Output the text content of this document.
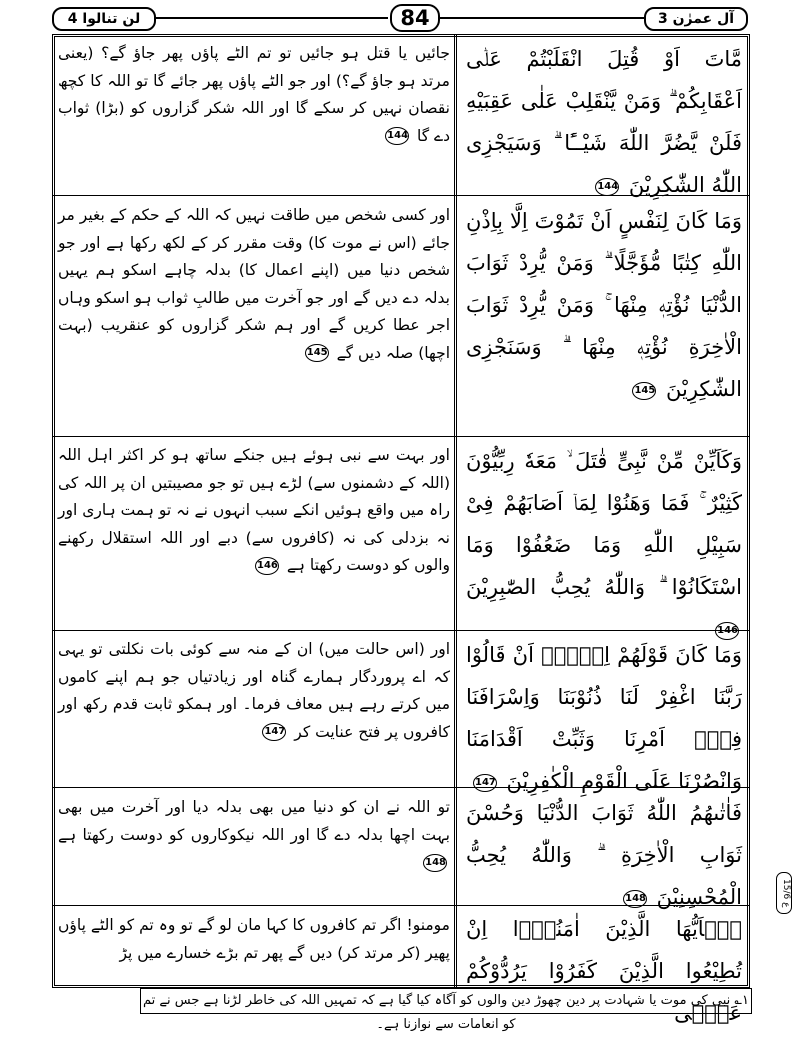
لن تنالوا 4	84	آل عمرٰن 3
جائیں یا قتل ہو جائیں تو تم الٹے پاؤں پھر جاؤ گے؟ (یعنی مرتد ہو جاؤ گے؟) اور جو الٹے پاؤں پھر جائے گا تو اللہ کا کچھ نقصان نہیں کر سکے گا اور اللہ شکر گزاروں کو (بڑا) ثواب دے گا 144
مَّاتَ اَوْ قُتِلَ انْقَلَبْتُمْ عَلٰۤى اَعْقَابِكُمْ ۗ وَمَنْ يَّنْقَلِبْ عَلٰى عَقِبَيْهِ فَلَنْ يَّضُرَّ اللّٰهَ شَيْــًٔا ۗ وَسَيَجْزِى اللّٰهُ الشّٰكِرِيْنَ 144
اور کسی شخص میں طاقت نہیں کہ اللہ کے حکم کے بغیر مر جائے (اس نے موت کا) وقت مقرر کر کے لکھ رکھا ہے اور جو شخص دنیا میں (اپنے اعمال کا) بدلہ چاہے اسکو ہم یہیں بدلہ دے دیں گے اور جو آخرت میں طالبِ ثواب ہو اسکو وہاں اجر عطا کریں گے اور ہم شکر گزاروں کو عنقریب (بہت اچھا) صلہ دیں گے 145
وَمَا كَانَ لِنَفْسٍ اَنْ تَمُوْتَ اِلَّا بِاِذْنِ اللّٰهِ كِتٰبًا مُّؤَجَّلًا ۗ وَمَنْ يُّرِدْ ثَوَابَ الدُّنْيَا نُؤْتِهٖ مِنْهَا ۚ وَمَنْ يُّرِدْ ثَوَابَ الْاٰخِرَةِ نُؤْتِهٖ مِنْهَا ۗ وَسَنَجْزِى الشّٰكِرِيْنَ 145
اور بہت سے نبی ہوئے ہیں جنکے ساتھ ہو کر اکثر اہل اللہ (اللہ کے دشمنوں سے) لڑے ہیں تو جو مصیبتیں ان پر اللہ کی راہ میں واقع ہوئیں انکے سبب انہوں نے نہ تو ہمت ہاری اور نہ بزدلی کی نہ (کافروں سے) دبے اور اللہ استقلال رکھنے والوں کو دوست رکھتا ہے 146
وَكَاَيِّنْ مِّنْ نَّبِىٍّ قٰتَلَ ۙ مَعَهٗ رِبِّيُّوْنَ كَثِيْرٌ ۚ فَمَا وَهَنُوْا لِمَاۤ اَصَابَهُمْ فِىْ سَبِيْلِ اللّٰهِ وَمَا ضَعُفُوْا وَمَا اسْتَكَانُوْا ۗ وَاللّٰهُ يُحِبُّ الصّٰبِرِيْنَ 146
اور (اس حالت میں) ان کے منہ سے کوئی بات نکلتی تو یہی کہ اے پروردگار ہمارے گناہ اور زیادتیاں جو ہم اپنے کاموں میں کرتے رہے ہیں معاف فرما۔ اور ہمکو ثابت قدم رکھ اور کافروں پر فتح عنایت کر 147
وَمَا كَانَ قَوْلَهُمْ اِلَّاۤ اَنْ قَالُوْا رَبَّنَا اغْفِرْ لَنَا ذُنُوْبَنَا وَاِسْرَافَنَا فِىْۤ اَمْرِنَا وَثَبِّتْ اَقْدَامَنَا وَانْصُرْنَا عَلَى الْقَوْمِ الْكٰفِرِيْنَ 147
تو اللہ نے ان کو دنیا میں بھی بدلہ دیا اور آخرت میں بھی بہت اچھا بدلہ دے گا اور اللہ نیکوکاروں کو دوست رکھتا ہے 148
فَاٰتٰٮهُمُ اللّٰهُ ثَوَابَ الدُّنْيَا وَحُسْنَ ثَوَابِ الْاٰخِرَةِ ۗ وَاللّٰهُ يُحِبُّ الْمُحْسِنِيْنَ 148
مومنو! اگر تم کافروں کا کہا مان لو گے تو وہ تم کو الٹے پاؤں پھیر (کر مرتد کر) دیں گے پھر تم بڑے خسارے میں پڑ
يٰۤاَيُّهَا الَّذِيْنَ اٰمَنُوْۤا اِنْ تُطِيْعُوا الَّذِيْنَ كَفَرُوْا يَرُدُّوْكُمْ عَلٰۤى
ع 15/6
١؎ نبی کی موت یا شہادت پر دین چھوڑ دین والوں کو آگاہ کیا گیا ہے کہ تمہیں اللہ کی خاطر لڑنا ہے جس نے تم کو انعامات سے نوازنا ہے۔
